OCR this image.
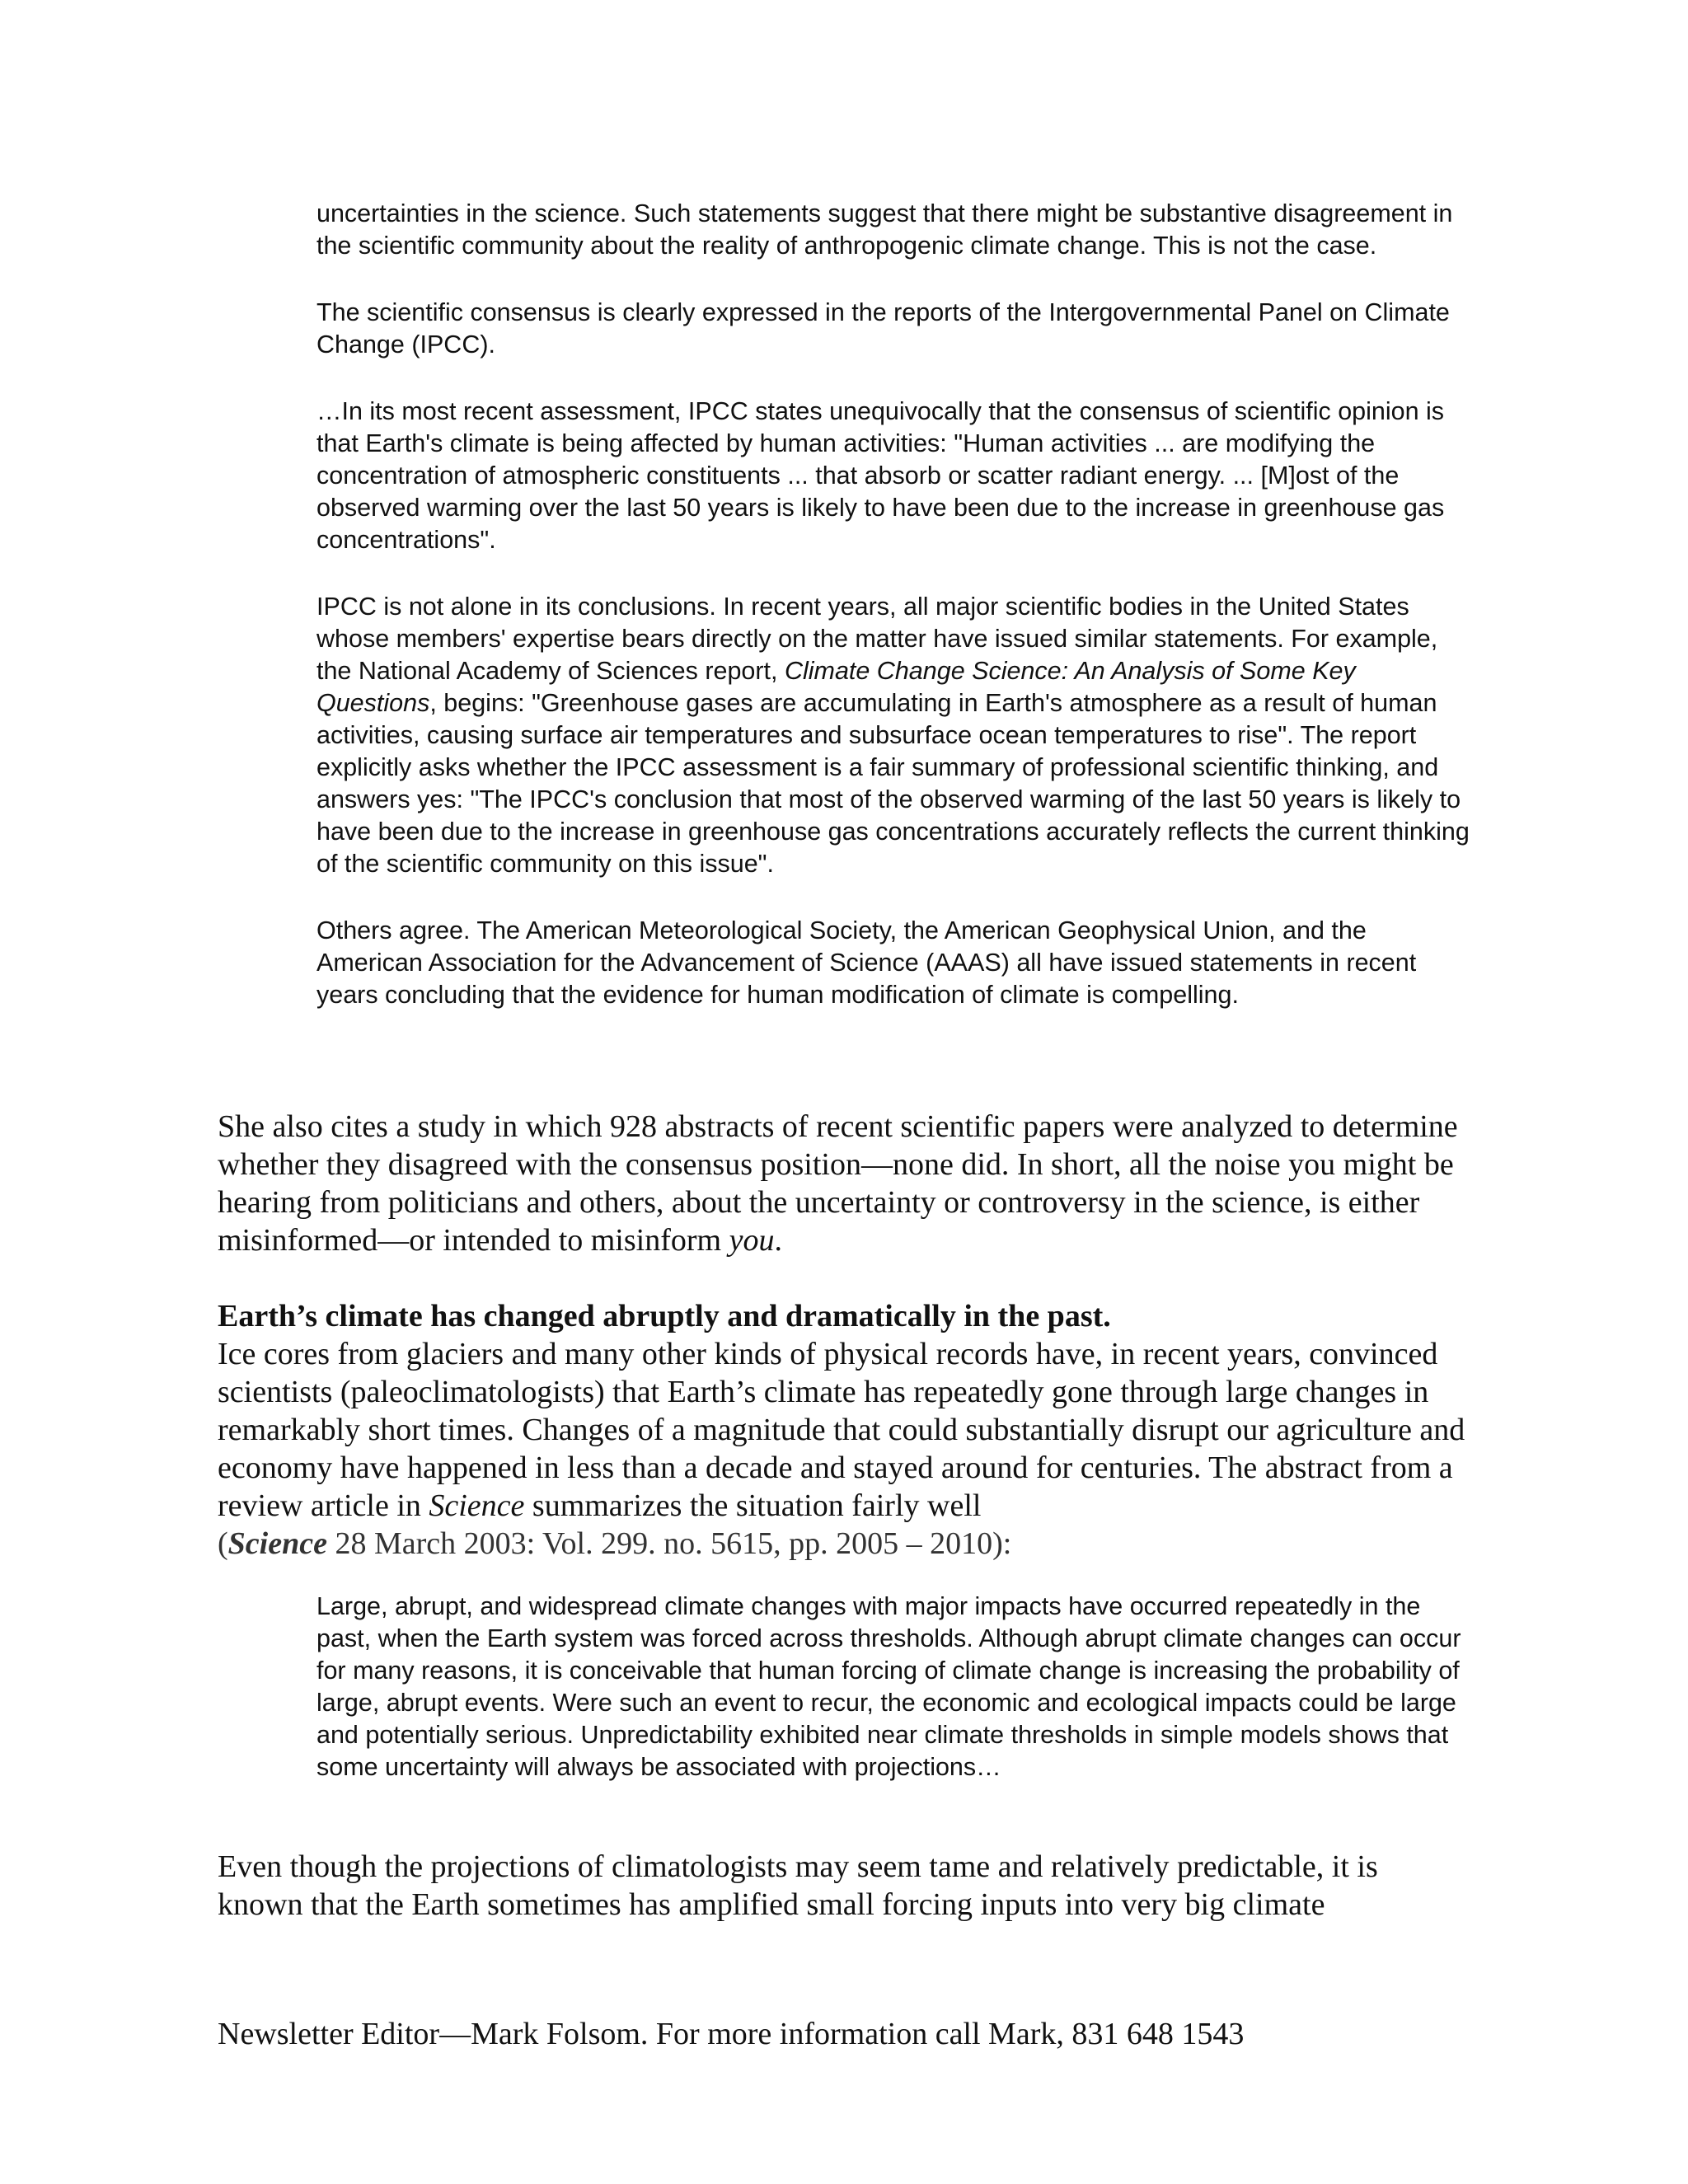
uncertainties in the science. Such statements suggest that there might be substantive disagreement in the scientific community about the reality of anthropogenic climate change. This is not the case.

The scientific consensus is clearly expressed in the reports of the Intergovernmental Panel on Climate Change (IPCC).

…In its most recent assessment, IPCC states unequivocally that the consensus of scientific opinion is that Earth's climate is being affected by human activities: "Human activities ... are modifying the concentration of atmospheric constituents ... that absorb or scatter radiant energy. ... [M]ost of the observed warming over the last 50 years is likely to have been due to the increase in greenhouse gas concentrations".

IPCC is not alone in its conclusions. In recent years, all major scientific bodies in the United States whose members' expertise bears directly on the matter have issued similar statements. For example, the National Academy of Sciences report, Climate Change Science: An Analysis of Some Key Questions, begins: "Greenhouse gases are accumulating in Earth's atmosphere as a result of human activities, causing surface air temperatures and subsurface ocean temperatures to rise". The report explicitly asks whether the IPCC assessment is a fair summary of professional scientific thinking, and answers yes: "The IPCC's conclusion that most of the observed warming of the last 50 years is likely to have been due to the increase in greenhouse gas concentrations accurately reflects the current thinking of the scientific community on this issue".

Others agree. The American Meteorological Society, the American Geophysical Union, and the American Association for the Advancement of Science (AAAS) all have issued statements in recent years concluding that the evidence for human modification of climate is compelling.

She also cites a study in which 928 abstracts of recent scientific papers were analyzed to determine whether they disagreed with the consensus position—none did. In short, all the noise you might be hearing from politicians and others, about the uncertainty or controversy in the science, is either misinformed—or intended to misinform you.

Earth’s climate has changed abruptly and dramatically in the past.

Ice cores from glaciers and many other kinds of physical records have, in recent years, convinced scientists (paleoclimatologists) that Earth’s climate has repeatedly gone through large changes in remarkably short times. Changes of a magnitude that could substantially disrupt our agriculture and economy have happened in less than a decade and stayed around for centuries. The abstract from a review article in Science summarizes the situation fairly well
(Science 28 March 2003: Vol. 299. no. 5615, pp. 2005 – 2010):

Large, abrupt, and widespread climate changes with major impacts have occurred repeatedly in the past, when the Earth system was forced across thresholds. Although abrupt climate changes can occur for many reasons, it is conceivable that human forcing of climate change is increasing the probability of large, abrupt events. Were such an event to recur, the economic and ecological impacts could be large and potentially serious. Unpredictability exhibited near climate thresholds in simple models shows that some uncertainty will always be associated with projections…

Even though the projections of climatologists may seem tame and relatively predictable, it is known that the Earth sometimes has amplified small forcing inputs into very big climate

Newsletter Editor—Mark Folsom. For more information call Mark, 831 648 1543
